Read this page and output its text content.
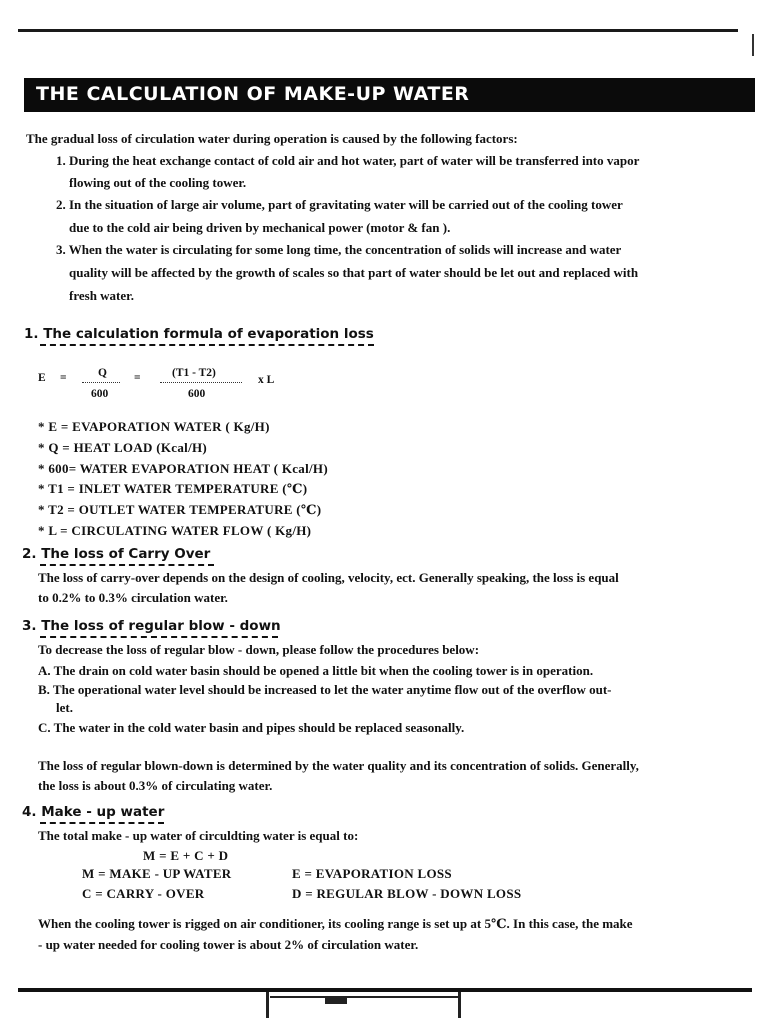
THE CALCULATION OF MAKE-UP WATER
The gradual loss of circulation water during operation is caused by the following factors:
1. During the heat exchange contact of cold air and hot water, part of water will be transferred into vapor
flowing out of the cooling tower.
2. In the situation of large air volume, part of gravitating water will be carried out of the cooling tower
due to the cold air being driven by mechanical power (motor & fan ).
3. When the water is circulating for some long time, the concentration of solids will increase and water
quality will be affected by the growth of scales so that part of water should be let out and replaced with
fresh water.
1. The calculation formula of evaporation loss
E =	Q
600
=	(T1 - T2)
600
x L
* E = EVAPORATION WATER ( Kg/H)
* Q = HEAT LOAD (Kcal/H)
* 600= WATER EVAPORATION HEAT ( Kcal/H)
* T1 = INLET WATER TEMPERATURE (℃)
* T2 = OUTLET WATER TEMPERATURE (℃)
* L = CIRCULATING WATER FLOW ( Kg/H)
2. The loss of Carry Over
The loss of carry-over depends on the design of cooling, velocity, ect. Generally speaking, the loss is equal
to 0.2% to 0.3% circulation water.
3. The loss of regular blow - down
To decrease the loss of regular blow - down, please follow the procedures below:
A. The drain on cold water basin should be opened a little bit when the cooling tower is in operation.
B. The operational water level should be increased to let the water anytime flow out of the overflow out-
let.
C. The water in the cold water basin and pipes should be replaced seasonally.
The loss of regular blown-down is determined by the water quality and its concentration of solids. Generally,
the loss is about 0.3% of circulating water.
4. Make - up water
The total make - up water of circuldting water is equal to:
M = E + C + D
M = MAKE - UP WATER	E = EVAPORATION LOSS
C = CARRY - OVER	D = REGULAR BLOW - DOWN LOSS
When the cooling tower is rigged on air conditioner, its cooling range is set up at 5℃. In this case, the make
- up water needed for cooling tower is about 2% of circulation water.
